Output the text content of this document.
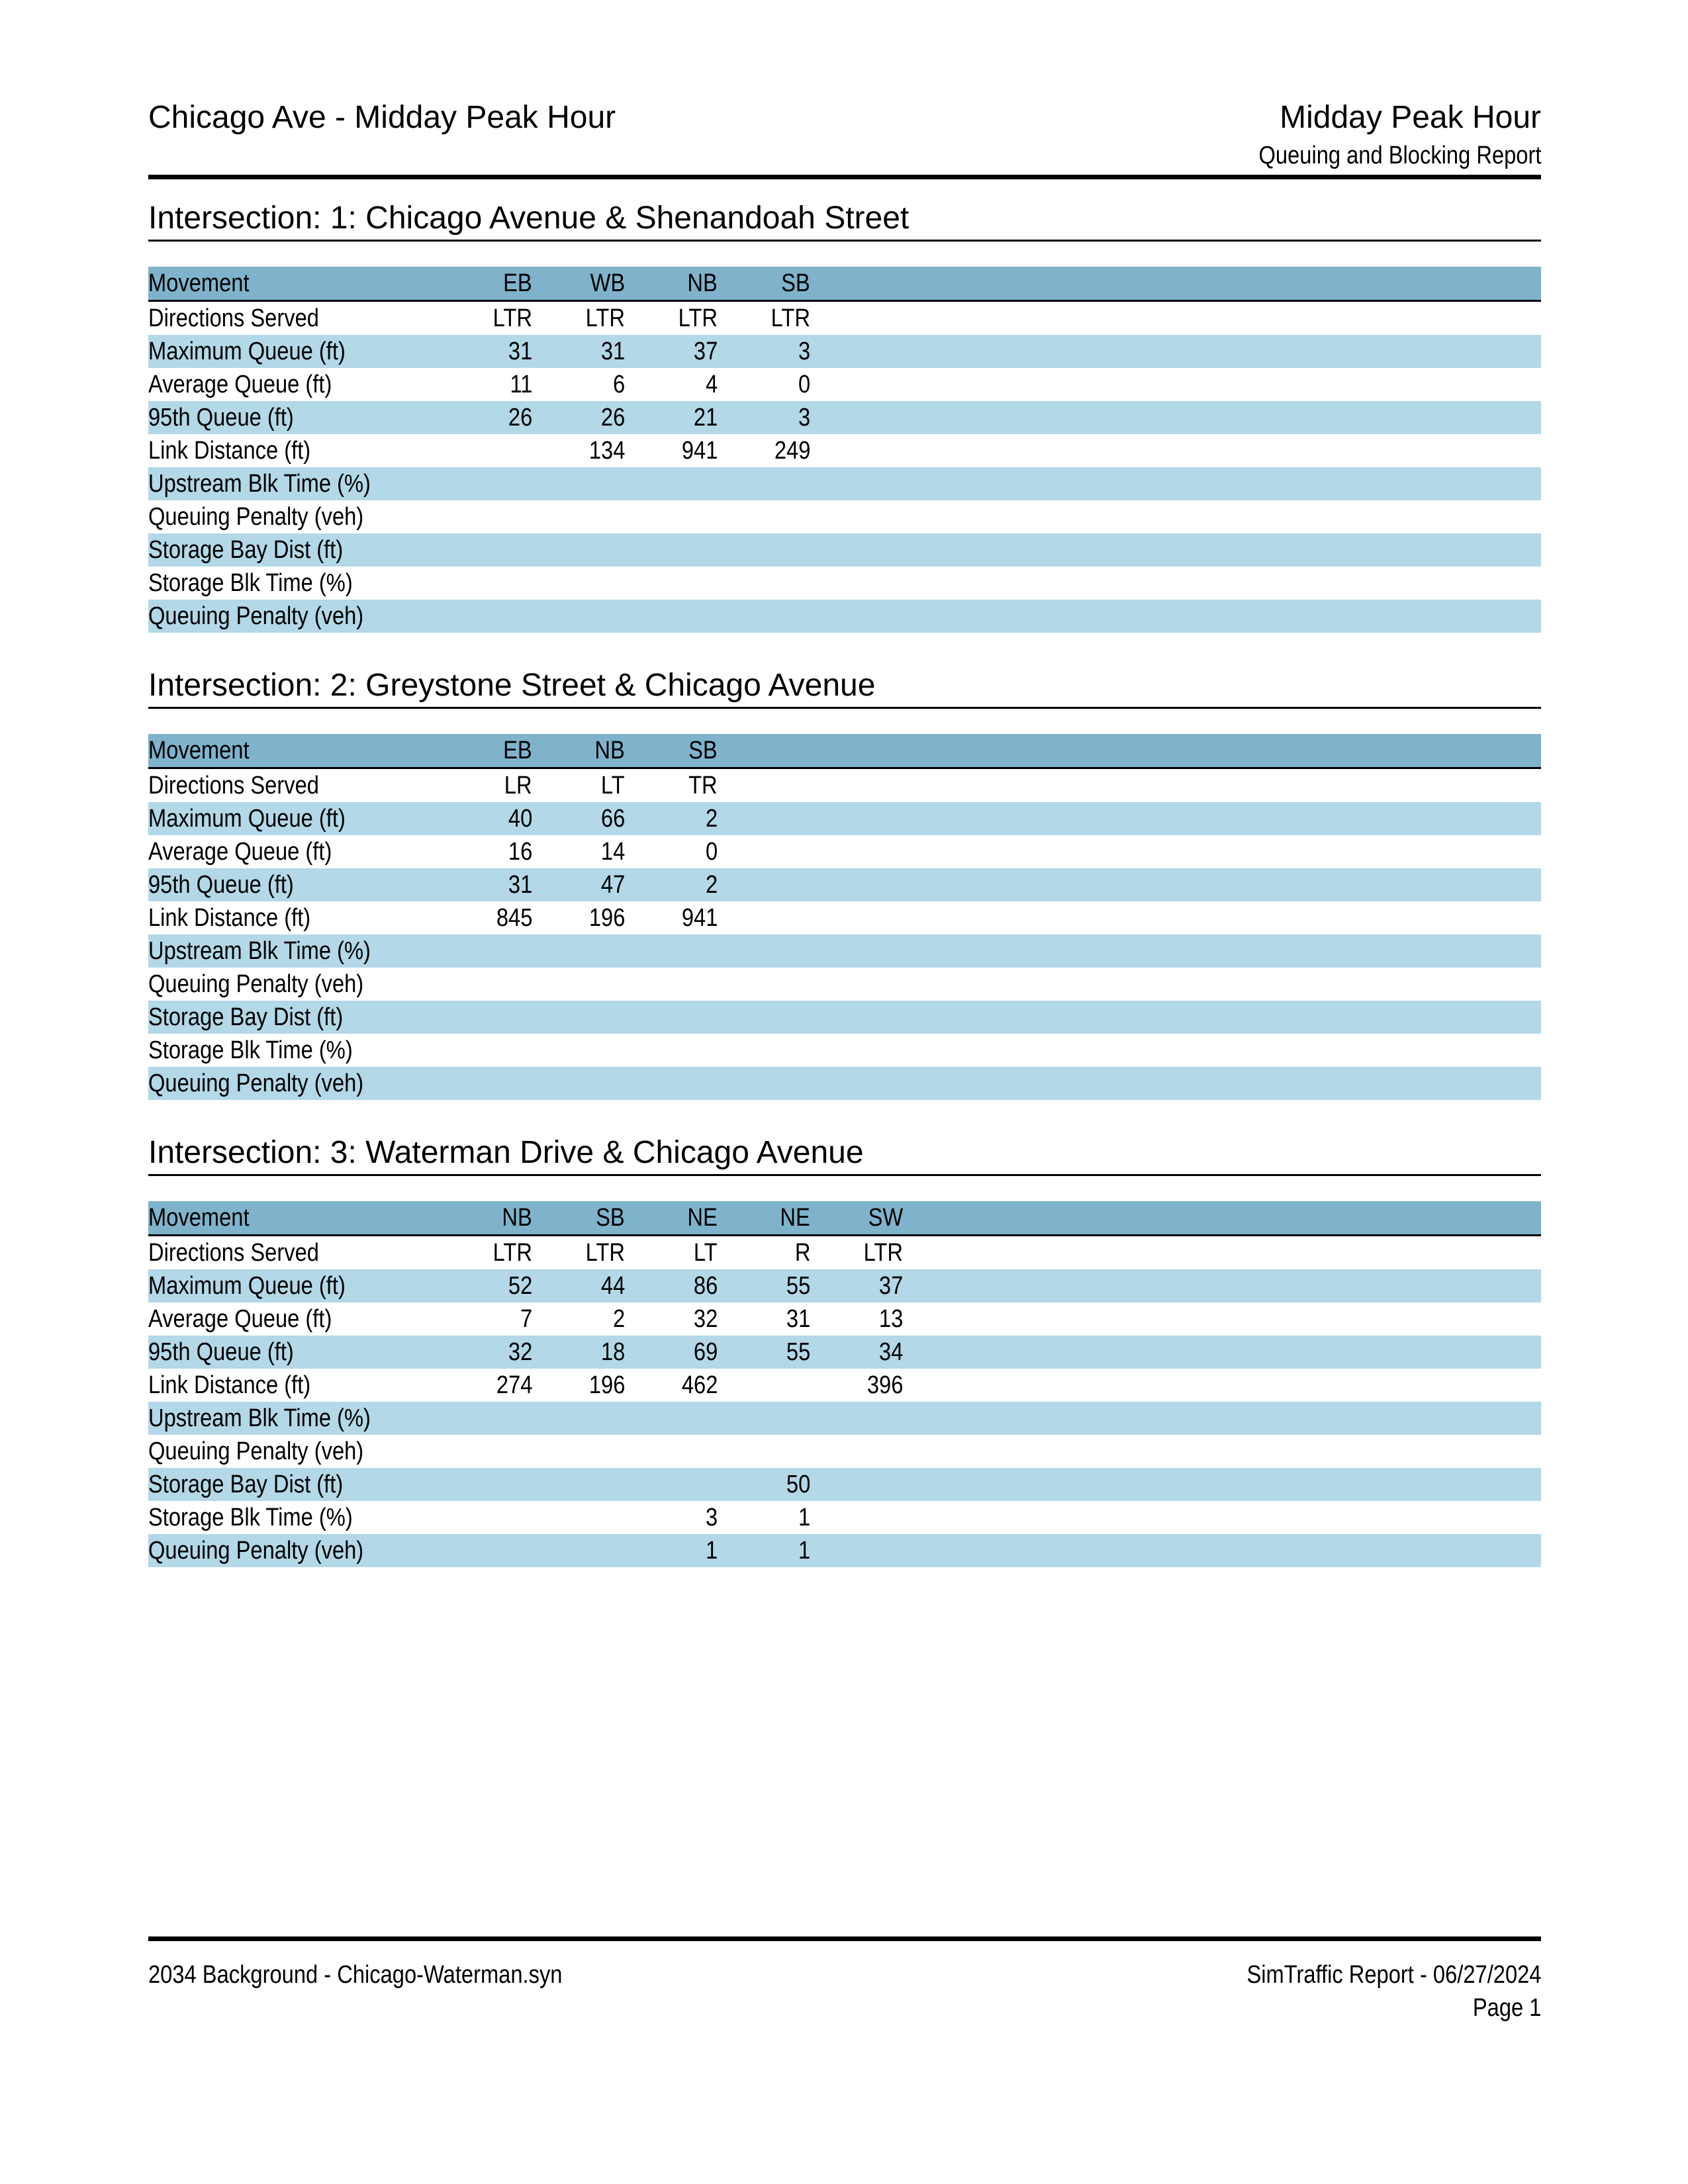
Chicago Ave - Midday Peak Hour	Midday Peak Hour
Queuing and Blocking Report
Intersection: 1: Chicago Avenue & Shenandoah Street
Movement	EB	WB	NB	SB	
Directions Served	LTR	LTR	LTR	LTR	
Maximum Queue (ft)	31	31	37	3	
Average Queue (ft)	11	6	4	0	
95th Queue (ft)	26	26	21	3	
Link Distance (ft)		134	941	249	
Upstream Blk Time (%)					
Queuing Penalty (veh)					
Storage Bay Dist (ft)					
Storage Blk Time (%)					
Queuing Penalty (veh)					
Intersection: 2: Greystone Street & Chicago Avenue
Movement	EB	NB	SB	
Directions Served	LR	LT	TR	
Maximum Queue (ft)	40	66	2	
Average Queue (ft)	16	14	0	
95th Queue (ft)	31	47	2	
Link Distance (ft)	845	196	941	
Upstream Blk Time (%)				
Queuing Penalty (veh)				
Storage Bay Dist (ft)				
Storage Blk Time (%)				
Queuing Penalty (veh)				
Intersection: 3: Waterman Drive & Chicago Avenue
Movement	NB	SB	NE	NE	SW	
Directions Served	LTR	LTR	LT	R	LTR	
Maximum Queue (ft)	52	44	86	55	37	
Average Queue (ft)	7	2	32	31	13	
95th Queue (ft)	32	18	69	55	34	
Link Distance (ft)	274	196	462		396	
Upstream Blk Time (%)						
Queuing Penalty (veh)						
Storage Bay Dist (ft)				50		
Storage Blk Time (%)			3	1		
Queuing Penalty (veh)			1	1		
2034 Background - Chicago-Waterman.syn	SimTraffic Report - 06/27/2024
Page 1
